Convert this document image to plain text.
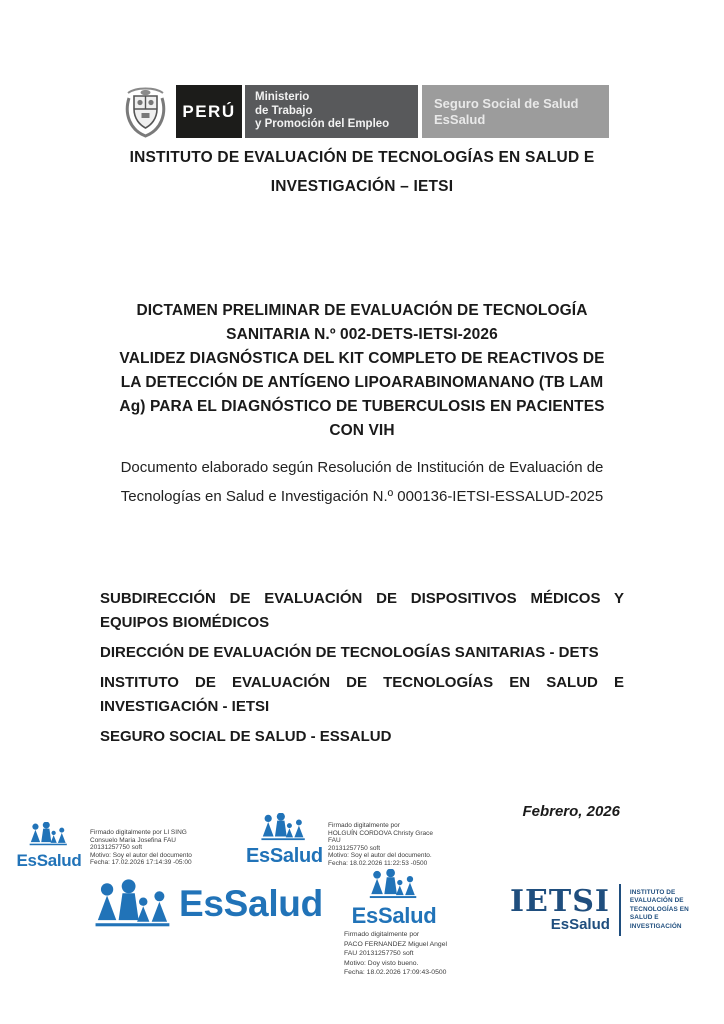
PERÚ
Ministerio
de Trabajo
y Promoción del Empleo
Seguro Social de Salud
EsSalud
INSTITUTO DE EVALUACIÓN DE TECNOLOGÍAS EN SALUD E
INVESTIGACIÓN – IETSI
DICTAMEN PRELIMINAR DE EVALUACIÓN DE TECNOLOGÍA
SANITARIA N.º 002-DETS-IETSI-2026
VALIDEZ DIAGNÓSTICA DEL KIT COMPLETO DE REACTIVOS DE
LA DETECCIÓN DE ANTÍGENO LIPOARABINOMANANO (TB LAM
Ag) PARA EL DIAGNÓSTICO DE TUBERCULOSIS EN PACIENTES
CON VIH
Documento elaborado según Resolución de Institución de Evaluación de
Tecnologías en Salud e Investigación N.º 000136-IETSI-ESSALUD-2025
SUBDIRECCIÓN DE EVALUACIÓN DE DISPOSITIVOS MÉDICOS Y
EQUIPOS BIOMÉDICOS
DIRECCIÓN DE EVALUACIÓN DE TECNOLOGÍAS SANITARIAS - DETS
INSTITUTO DE EVALUACIÓN DE TECNOLOGÍAS EN SALUD E
INVESTIGACIÓN - IETSI
SEGURO SOCIAL DE SALUD - ESSALUD
Febrero, 2026
EsSalud
Firmado digitalmente por LI SING
Consuelo Maria Josefina FAU
20131257750 soft
Motivo: Soy el autor del documento
Fecha: 17.02.2026 17:14:39 -05:00	EsSalud
Firmado digitalmente por
HOLGUÍN CORDOVA Christy Grace FAU
20131257750 soft
Motivo: Soy el autor del documento.
Fecha: 18.02.2026 11:22:53 -0500
EsSalud	EsSalud
Firmado digitalmente por
PACO FERNANDEZ Miguel Angel
FAU 20131257750 soft
Motivo: Doy visto bueno.
Fecha: 18.02.2026 17:09:43-0500
IETSI
EsSalud
INSTITUTO DE
EVALUACIÓN DE
TECNOLOGÍAS EN
SALUD E
INVESTIGACIÓN
